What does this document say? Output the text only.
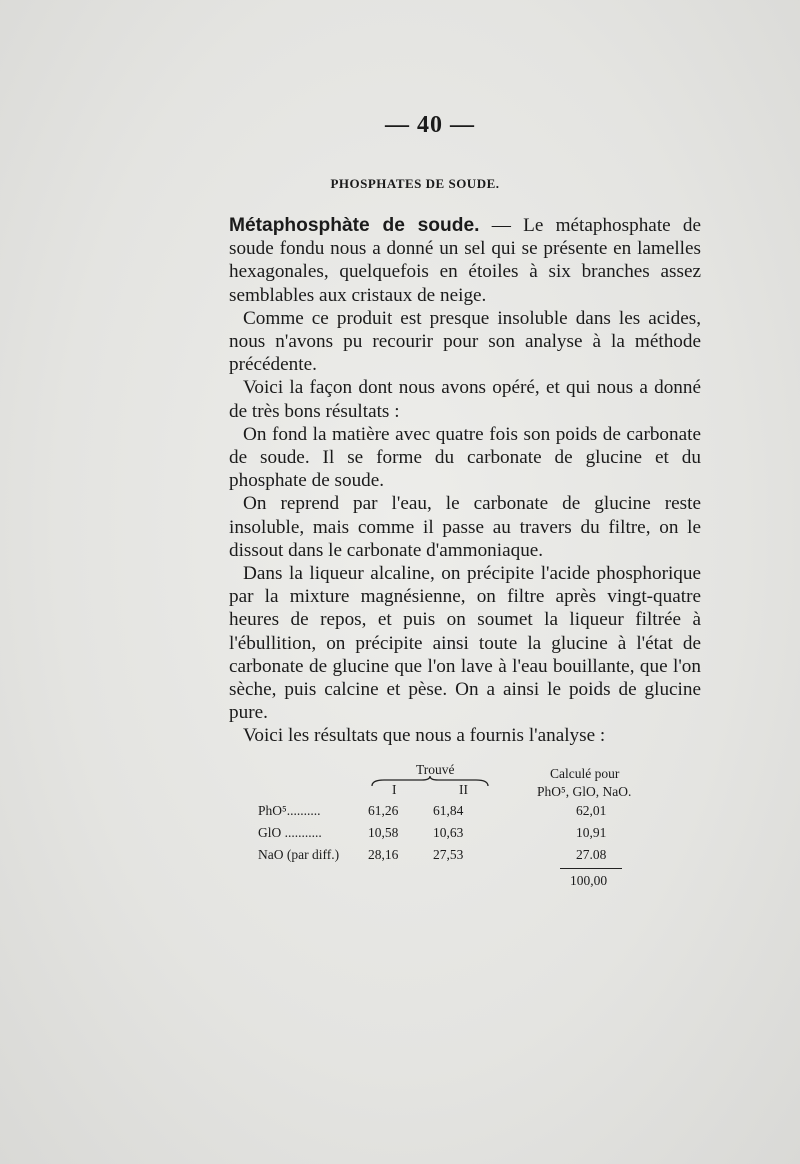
— 40 —
PHOSPHATES DE SOUDE.

Métaphosphàte de soude. — Le métaphosphate de soude fondu nous a donné un sel qui se présente en lamelles hexagonales, quelquefois en étoiles à six branches assez semblables aux cristaux de neige.

Comme ce produit est presque insoluble dans les acides, nous n'avons pu recourir pour son analyse à la méthode précédente.

Voici la façon dont nous avons opéré, et qui nous a donné de très bons résultats :

On fond la matière avec quatre fois son poids de carbonate de soude. Il se forme du carbonate de glucine et du phosphate de soude.

On reprend par l'eau, le carbonate de glucine reste insoluble, mais comme il passe au travers du filtre, on le dissout dans le carbonate d'ammoniaque.

Dans la liqueur alcaline, on précipite l'acide phosphorique par la mixture magnésienne, on filtre après vingt-quatre heures de repos, et puis on soumet la liqueur filtrée à l'ébullition, on précipite ainsi toute la glucine à l'état de carbonate de glucine que l'on lave à l'eau bouillante, que l'on sèche, puis calcine et pèse. On a ainsi le poids de glucine pure.

Voici les résultats que nous a fournis l'analyse :

Trouvé
I	II
Calculé pour
PhO⁵, GlO, NaO.
PhO⁵..........	61,26	61,84	62,01
GlO ...........	10,58	10,63	10,91
NaO (par diff.) 28,16	27,53	27.08
100,00
